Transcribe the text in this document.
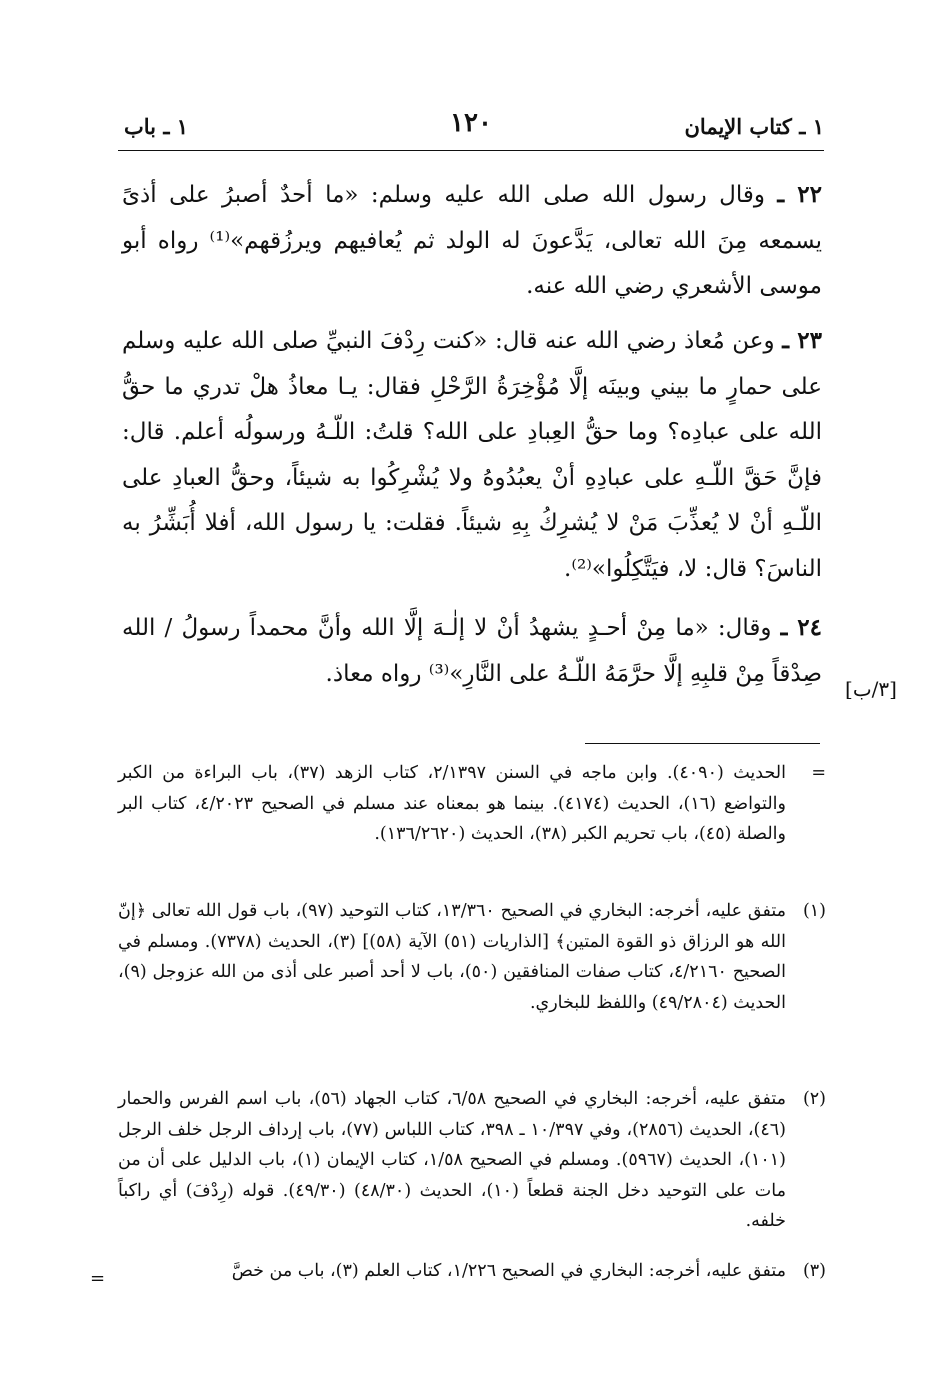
١ ـ كتاب الإيمان
١٢٠
١ ـ باب

٢٢ ـ وقال رسول الله صلى الله عليه وسلم: «ما أحدٌ أصبرُ على أذىً يسمعه مِنَ الله تعالى، يَدَّعونَ له الولد ثم يُعافيهم ويرزُقهم»⁽¹⁾ رواه أبو موسى الأشعري رضي الله عنه.

٢٣ ـ وعن مُعاذ رضي الله عنه قال: «كنت رِدْفَ النبيِّ صلى الله عليه وسلم على حمارٍ ما بيني وبينَه إلَّا مُؤْخِرَةُ الرَّحْلِ فقال: يـا معاذُ هلْ تدري ما حقُّ الله على عبادِه؟ وما حقُّ العِبادِ على الله؟ قلتُ: اللّـهُ ورسولُه أعلم. قال: فإنَّ حَقَّ اللّـهِ على عبادِهِ أنْ يعبُدُوهُ ولا يُشْرِكُوا به شيئاً، وحقُّ العبادِ على اللّـهِ أنْ لا يُعذِّبَ مَنْ لا يُشرِكُ بِهِ شيئاً. فقلت: يا رسول الله، أفلا أُبَشِّرُ به الناسَ؟ قال: لا، فيَتَّكِلُوا»⁽²⁾.

٢٤ ـ وقال: «ما مِنْ أحـدٍ يشهدُ أنْ لا إلٰـهَ إلَّا الله وأنَّ محمداً رسولُ / الله صِدْقاً مِنْ قلبِهِ إلَّا حرَّمَهُ اللّـهُ على النَّارِ»⁽³⁾ رواه معاذ.

[٣/ب]

=
الحديث (٤٠٩٠). وابن ماجه في السنن ٢/١٣٩٧، كتاب الزهد (٣٧)، باب البراءة من الكبر والتواضع (١٦)، الحديث (٤١٧٤). بينما هو بمعناه عند مسلم في الصحيح ٤/٢٠٢٣، كتاب البر والصلة (٤٥)، باب تحريم الكبر (٣٨)، الحديث (١٣٦/٢٦٢٠).

(١)
متفق عليه، أخرجه: البخاري في الصحيح ١٣/٣٦٠، كتاب التوحيد (٩٧)، باب قول الله تعالى ﴿إنّ الله هو الرزاق ذو القوة المتين﴾ [الذاريات (٥١) الآية (٥٨)] (٣)، الحديث (٧٣٧٨). ومسلم في الصحيح ٤/٢١٦٠، كتاب صفات المنافقين (٥٠)، باب لا أحد أصبر على أذى من الله عزوجل (٩)، الحديث (٤٩/٢٨٠٤) واللفظ للبخاري.

(٢)
متفق عليه، أخرجه: البخاري في الصحيح ٦/٥٨، كتاب الجهاد (٥٦)، باب اسم الفرس والحمار (٤٦)، الحديث (٢٨٥٦)، وفي ١٠/٣٩٧ ـ ٣٩٨، كتاب اللباس (٧٧)، باب إرداف الرجل خلف الرجل (١٠١)، الحديث (٥٩٦٧). ومسلم في الصحيح ١/٥٨، كتاب الإيمان (١)، باب الدليل على أن من مات على التوحيد دخل الجنة قطعاً (١٠)، الحديث (٤٨/٣٠) (٤٩/٣٠). قوله (رِدْفَ) أي راكباً خلفه.

(٣)
متفق عليه، أخرجه: البخاري في الصحيح ١/٢٢٦، كتاب العلم (٣)، باب من خصَّ

=
